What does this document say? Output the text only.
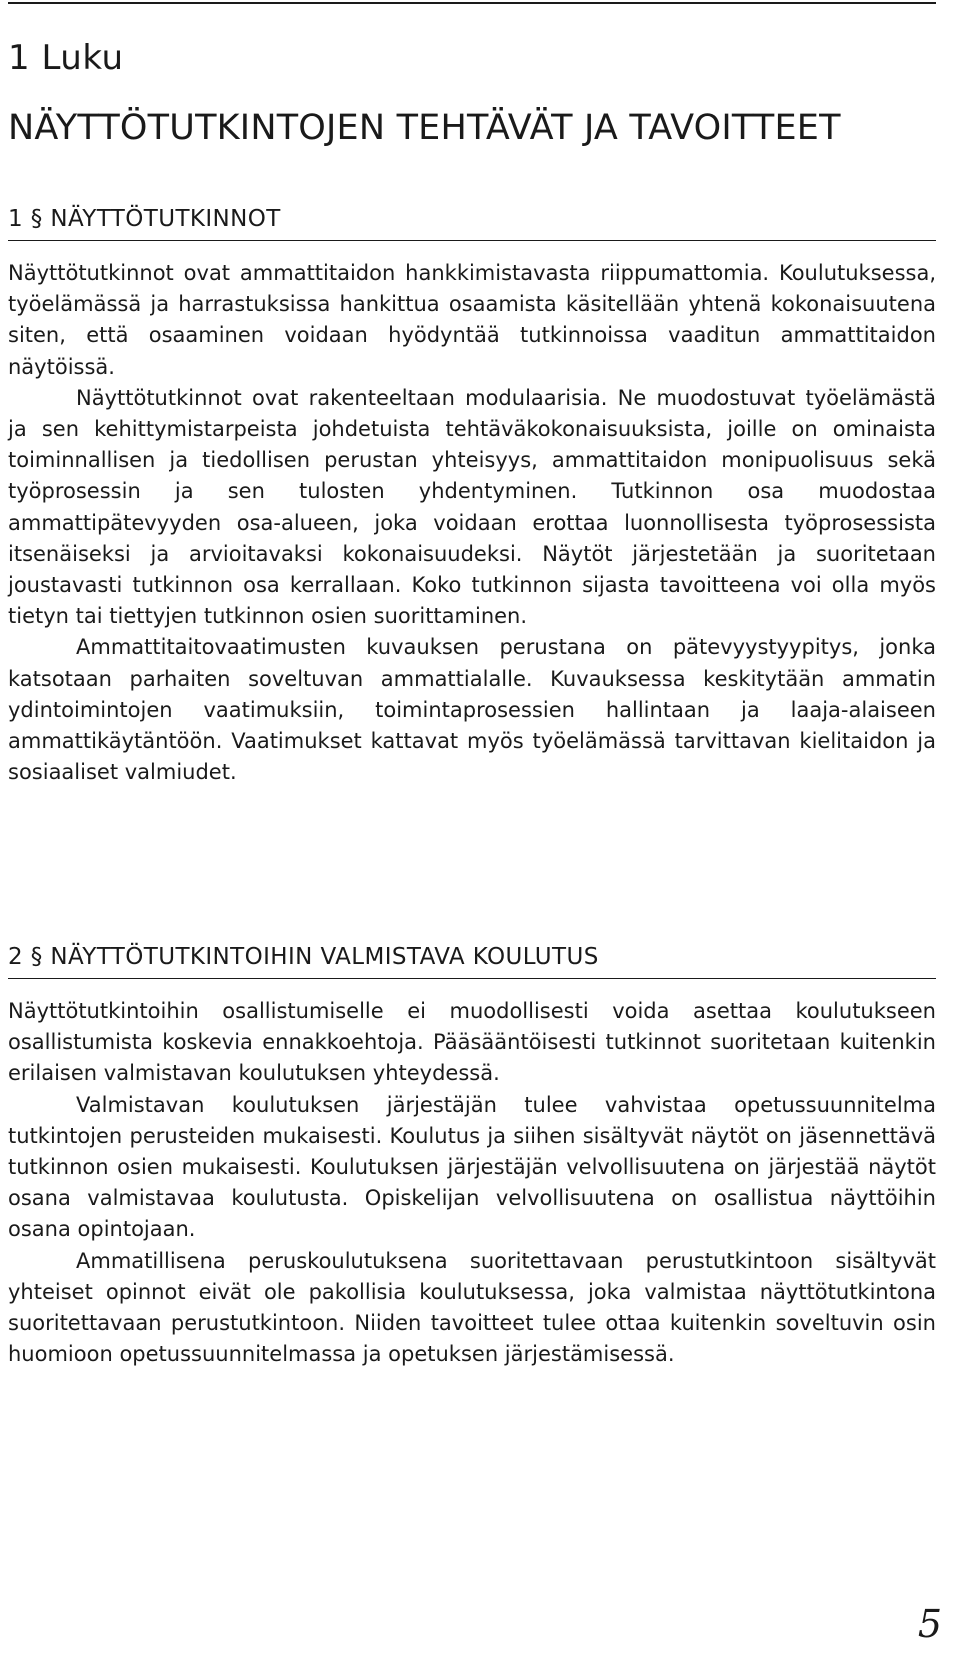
1 Luku
NÄYTTÖTUTKINTOJEN TEHTÄVÄT JA TAVOITTEET
1 § NÄYTTÖTUTKINNOT

Näyttötutkinnot ovat ammattitaidon hankkimistavasta riippumattomia. Koulutuksessa, työelämässä ja harrastuksissa hankittua osaamista käsitellään yhtenä kokonaisuutena siten, että osaaminen voidaan hyödyntää tutkinnoissa vaaditun ammattitaidon näytöissä.

Näyttötutkinnot ovat rakenteeltaan modulaarisia. Ne muodostuvat työelämästä ja sen kehittymistarpeista johdetuista tehtäväkokonaisuuksista, joille on ominaista toiminnallisen ja tiedollisen perustan yhteisyys, ammattitaidon monipuolisuus sekä työprosessin ja sen tulosten yhdentyminen. Tutkinnon osa muodostaa ammattipätevyyden osa-alueen, joka voidaan erottaa luonnollisesta työprosessista itsenäiseksi ja arvioitavaksi kokonaisuudeksi. Näytöt järjestetään ja suoritetaan joustavasti tutkinnon osa kerrallaan. Koko tutkinnon sijasta tavoitteena voi olla myös tietyn tai tiettyjen tutkinnon osien suorittaminen.

Ammattitaitovaatimusten kuvauksen perustana on pätevyystyypitys, jonka katsotaan parhaiten soveltuvan ammattialalle. Kuvauksessa keskitytään ammatin ydintoimintojen vaatimuksiin, toimintaprosessien hallintaan ja laaja-alaiseen ammattikäytäntöön. Vaatimukset kattavat myös työelämässä tarvittavan kielitaidon ja sosiaaliset valmiudet.

2 § NÄYTTÖTUTKINTOIHIN VALMISTAVA KOULUTUS

Näyttötutkintoihin osallistumiselle ei muodollisesti voida asettaa koulutukseen osallistumista koskevia ennakkoehtoja. Pääsääntöisesti tutkinnot suoritetaan kuitenkin erilaisen valmistavan koulutuksen yhteydessä.

Valmistavan koulutuksen järjestäjän tulee vahvistaa opetussuunnitelma tutkintojen perusteiden mukaisesti. Koulutus ja siihen sisältyvät näytöt on jäsennettävä tutkinnon osien mukaisesti. Koulutuksen järjestäjän velvollisuutena on järjestää näytöt osana valmistavaa koulutusta. Opiskelijan velvollisuutena on osallistua näyttöihin osana opintojaan.

Ammatillisena peruskoulutuksena suoritettavaan perustutkintoon sisältyvät yhteiset opinnot eivät ole pakollisia koulutuksessa, joka valmistaa näyttötutkintona suoritettavaan perustutkintoon. Niiden tavoitteet tulee ottaa kuitenkin soveltuvin osin huomioon opetussuunnitelmassa ja opetuksen järjestämisessä.

5
